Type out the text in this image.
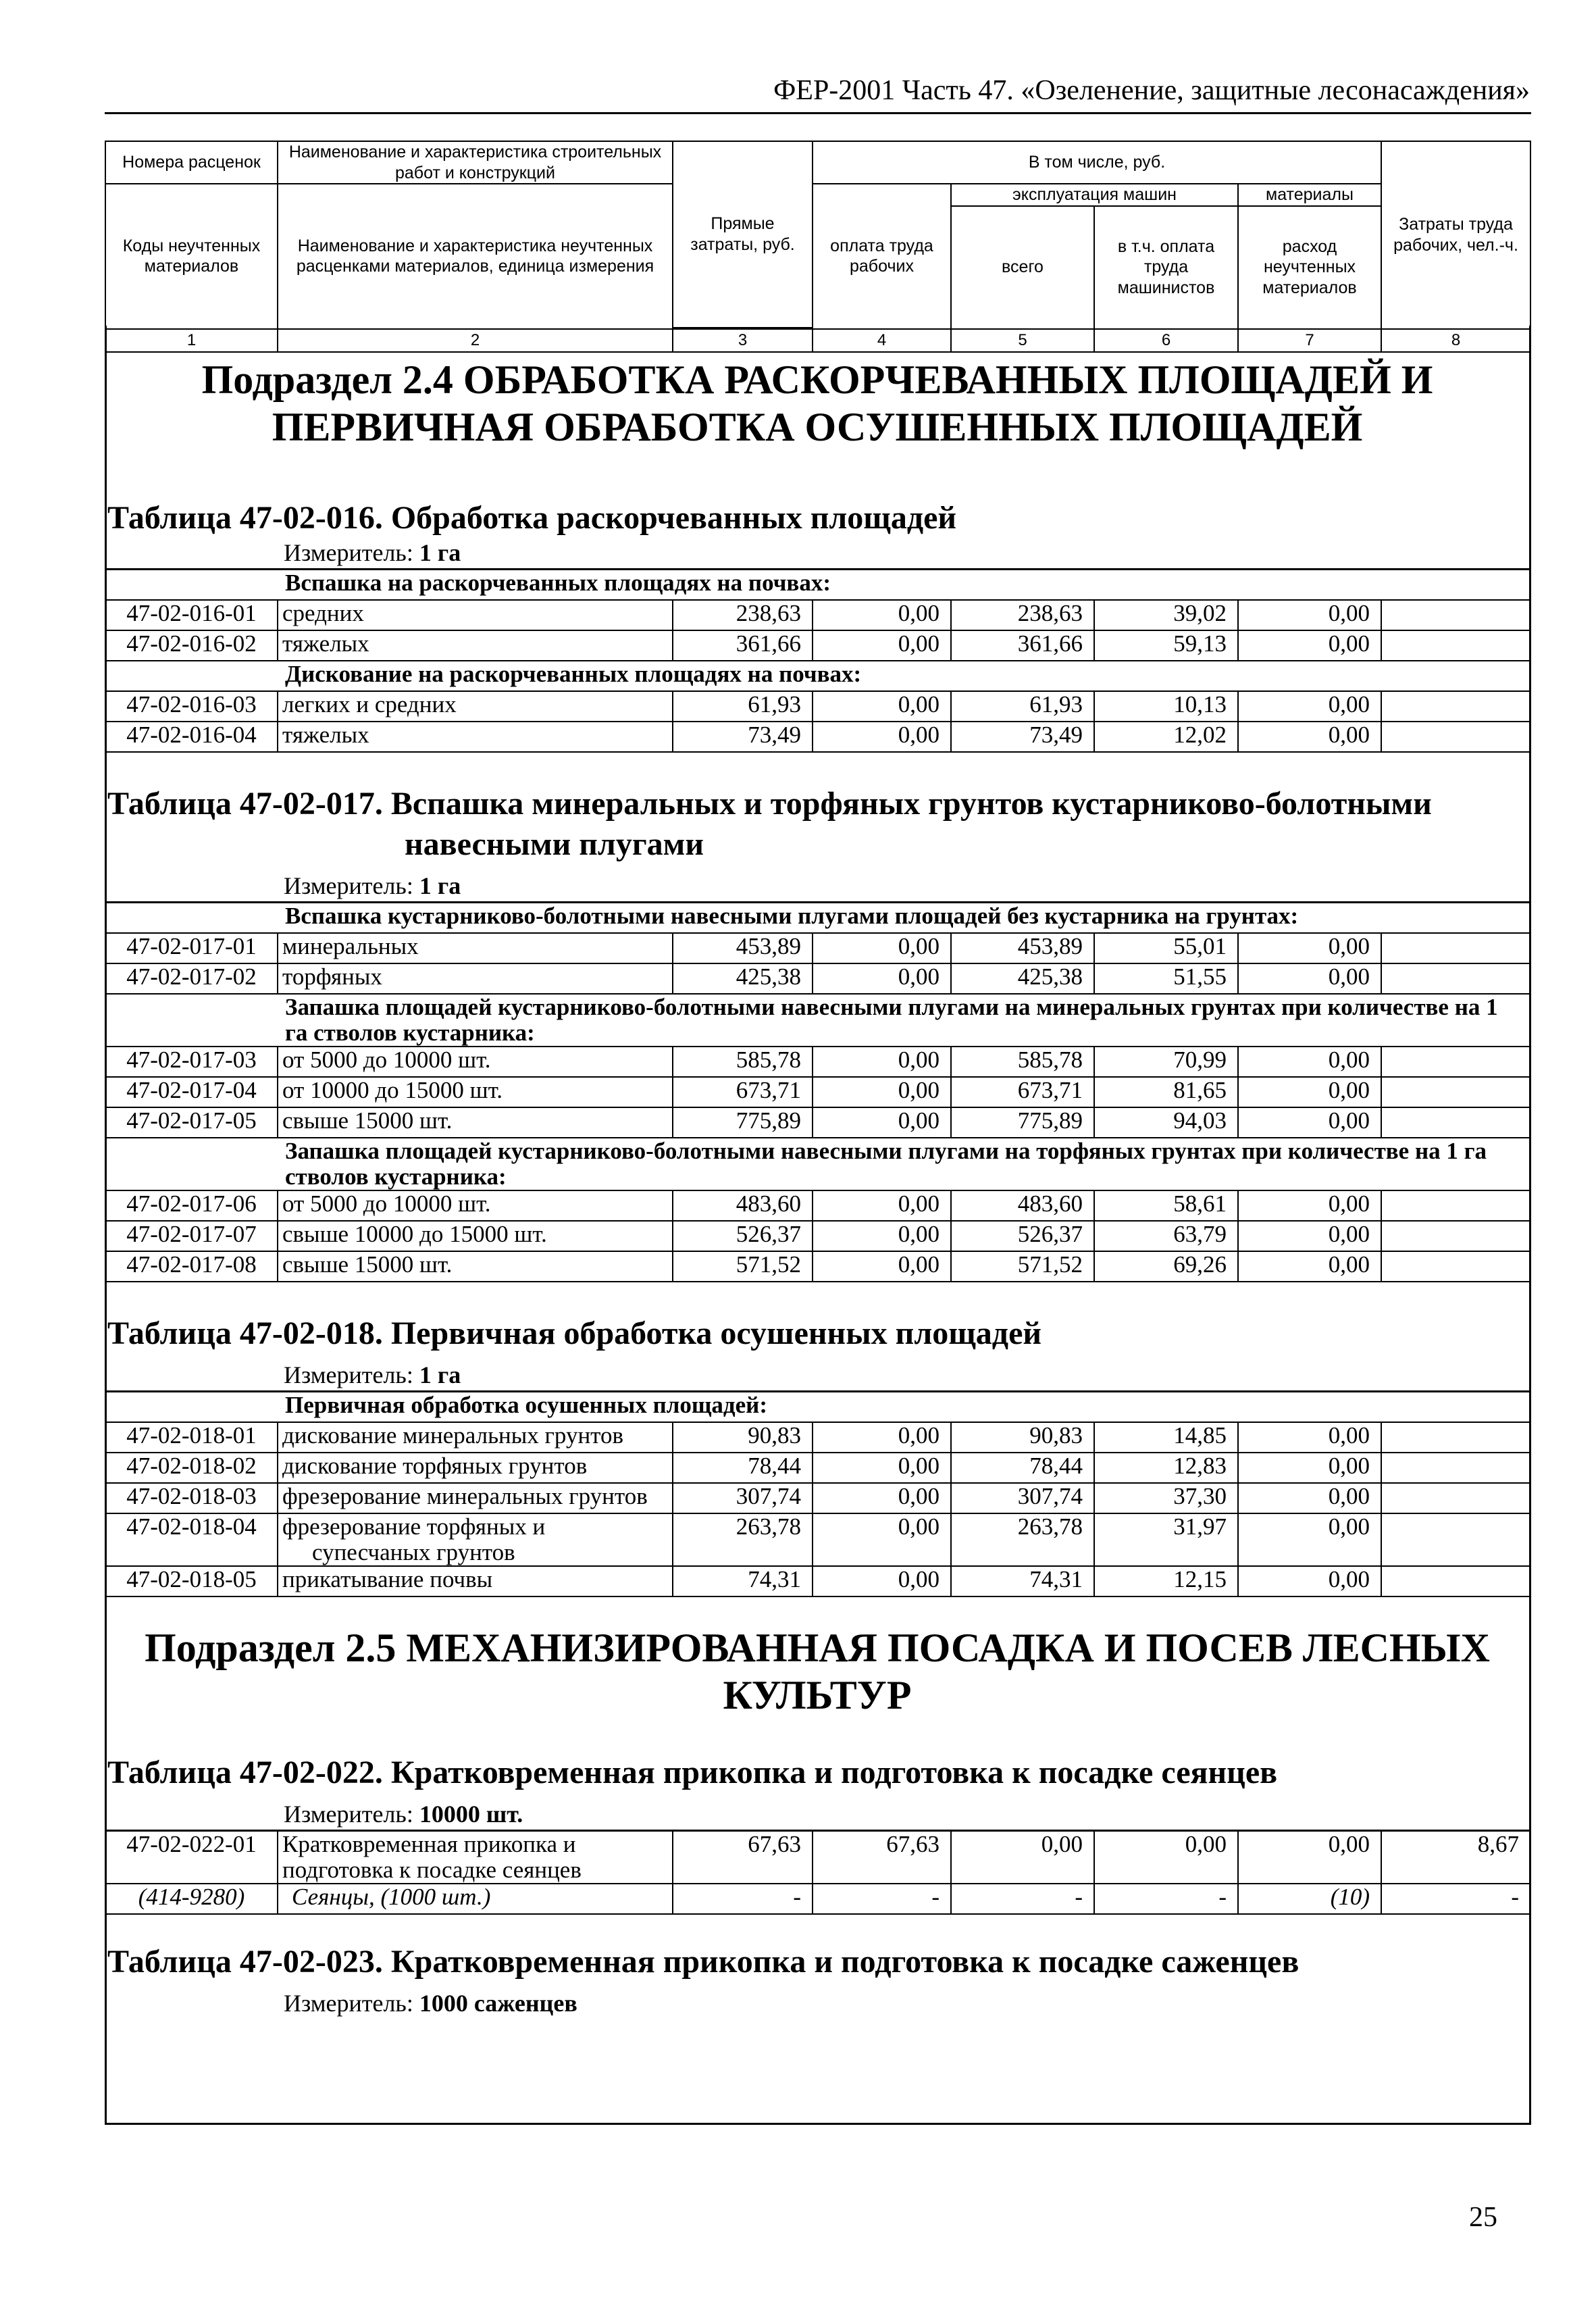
ФЕР-2001 Часть 47. «Озеленение, защитные лесонасаждения»
Номера расценок	Наименование и характеристика строительных работ и конструкций	Прямые затраты, руб.	В том числе, руб.				Затраты труда рабочих, чел.-ч.
Коды неучтенных материалов	Наименование и характеристика неучтенных расценками материалов, единица измерения		оплата труда рабочих	эксплуатация машин		материалы	
				всего	в т.ч. оплата труда машинистов	расход неучтенных материалов	

1	2	3	4	5	6	7	8
Подраздел 2.4 ОБРАБОТКА РАСКОРЧЕВАННЫХ ПЛОЩАДЕЙ И ПЕРВИЧНАЯ ОБРАБОТКА ОСУШЕННЫХ ПЛОЩАДЕЙ
Таблица 47-02-016. Обработка раскорчеванных площадей
Измеритель: 1 га
Вспашка на раскорчеванных площадях на почвах:							
47-02-016-01	средних	238,63	0,00	238,63	39,02	0,00	
47-02-016-02	тяжелых	361,66	0,00	361,66	59,13	0,00	
Дискование на раскорчеванных площадях на почвах:							
47-02-016-03	легких и средних	61,93	0,00	61,93	10,13	0,00	
47-02-016-04	тяжелых	73,49	0,00	73,49	12,02	0,00	
Таблица 47-02-017. Вспашка минеральных и торфяных грунтов кустарниково-болотными
навесными плугами
Измеритель: 1 га
Вспашка кустарниково-болотными навесными плугами площадей без кустарника на грунтах:							
47-02-017-01	минеральных	453,89	0,00	453,89	55,01	0,00	
47-02-017-02	торфяных	425,38	0,00	425,38	51,55	0,00	
Запашка площадей кустарниково-болотными навесными плугами на минеральных грунтах при количестве на 1 га стволов кустарника:							
47-02-017-03	от 5000 до 10000 шт.	585,78	0,00	585,78	70,99	0,00	
47-02-017-04	от 10000 до 15000 шт.	673,71	0,00	673,71	81,65	0,00	
47-02-017-05	свыше 15000 шт.	775,89	0,00	775,89	94,03	0,00	
Запашка площадей кустарниково-болотными навесными плугами на торфяных грунтах при количестве на 1 га стволов кустарника:							
47-02-017-06	от 5000 до 10000 шт.	483,60	0,00	483,60	58,61	0,00	
47-02-017-07	свыше 10000 до 15000 шт.	526,37	0,00	526,37	63,79	0,00	
47-02-017-08	свыше 15000 шт.	571,52	0,00	571,52	69,26	0,00	
Таблица 47-02-018. Первичная обработка осушенных площадей
Измеритель: 1 га
Первичная обработка осушенных площадей:							
47-02-018-01	дискование минеральных грунтов	90,83	0,00	90,83	14,85	0,00	
47-02-018-02	дискование торфяных грунтов	78,44	0,00	78,44	12,83	0,00	
47-02-018-03	фрезерование минеральных грунтов	307,74	0,00	307,74	37,30	0,00	
47-02-018-04	фрезерование торфяных и супесчаных грунтов	263,78	0,00	263,78	31,97	0,00	
47-02-018-05	прикатывание почвы	74,31	0,00	74,31	12,15	0,00	
Подраздел 2.5 МЕХАНИЗИРОВАННАЯ ПОСАДКА И ПОСЕВ ЛЕСНЫХ КУЛЬТУР
Таблица 47-02-022. Кратковременная прикопка и подготовка к посадке сеянцев
Измеритель: 10000 шт.
47-02-022-01	Кратковременная прикопка и подготовка к посадке сеянцев	67,63	67,63	0,00	0,00	0,00	8,67
(414-9280)	Сеянцы, (1000 шт.)	-	-	-	-	(10)	-
Таблица 47-02-023. Кратковременная прикопка и подготовка к посадке саженцев
Измеритель: 1000 саженцев
25
